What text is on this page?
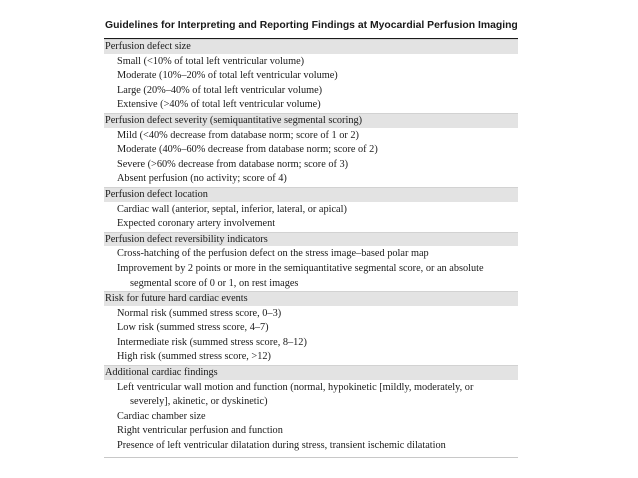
Guidelines for Interpreting and Reporting Findings at Myocardial Perfusion Imaging
Perfusion defect size
Small (<10% of total left ventricular volume)
Moderate (10%–20% of total left ventricular volume)
Large (20%–40% of total left ventricular volume)
Extensive (>40% of total left ventricular volume)
Perfusion defect severity (semiquantitative segmental scoring)
Mild (<40% decrease from database norm; score of 1 or 2)
Moderate (40%–60% decrease from database norm; score of 2)
Severe (>60% decrease from database norm; score of 3)
Absent perfusion (no activity; score of 4)
Perfusion defect location
Cardiac wall (anterior, septal, inferior, lateral, or apical)
Expected coronary artery involvement
Perfusion defect reversibility indicators
Cross-hatching of the perfusion defect on the stress image–based polar map
Improvement by 2 points or more in the semiquantitative segmental score, or an absolute
segmental score of 0 or 1, on rest images
Risk for future hard cardiac events
Normal risk (summed stress score, 0–3)
Low risk (summed stress score, 4–7)
Intermediate risk (summed stress score, 8–12)
High risk (summed stress score, >12)
Additional cardiac findings
Left ventricular wall motion and function (normal, hypokinetic [mildly, moderately, or
severely], akinetic, or dyskinetic)
Cardiac chamber size
Right ventricular perfusion and function
Presence of left ventricular dilatation during stress, transient ischemic dilatation
